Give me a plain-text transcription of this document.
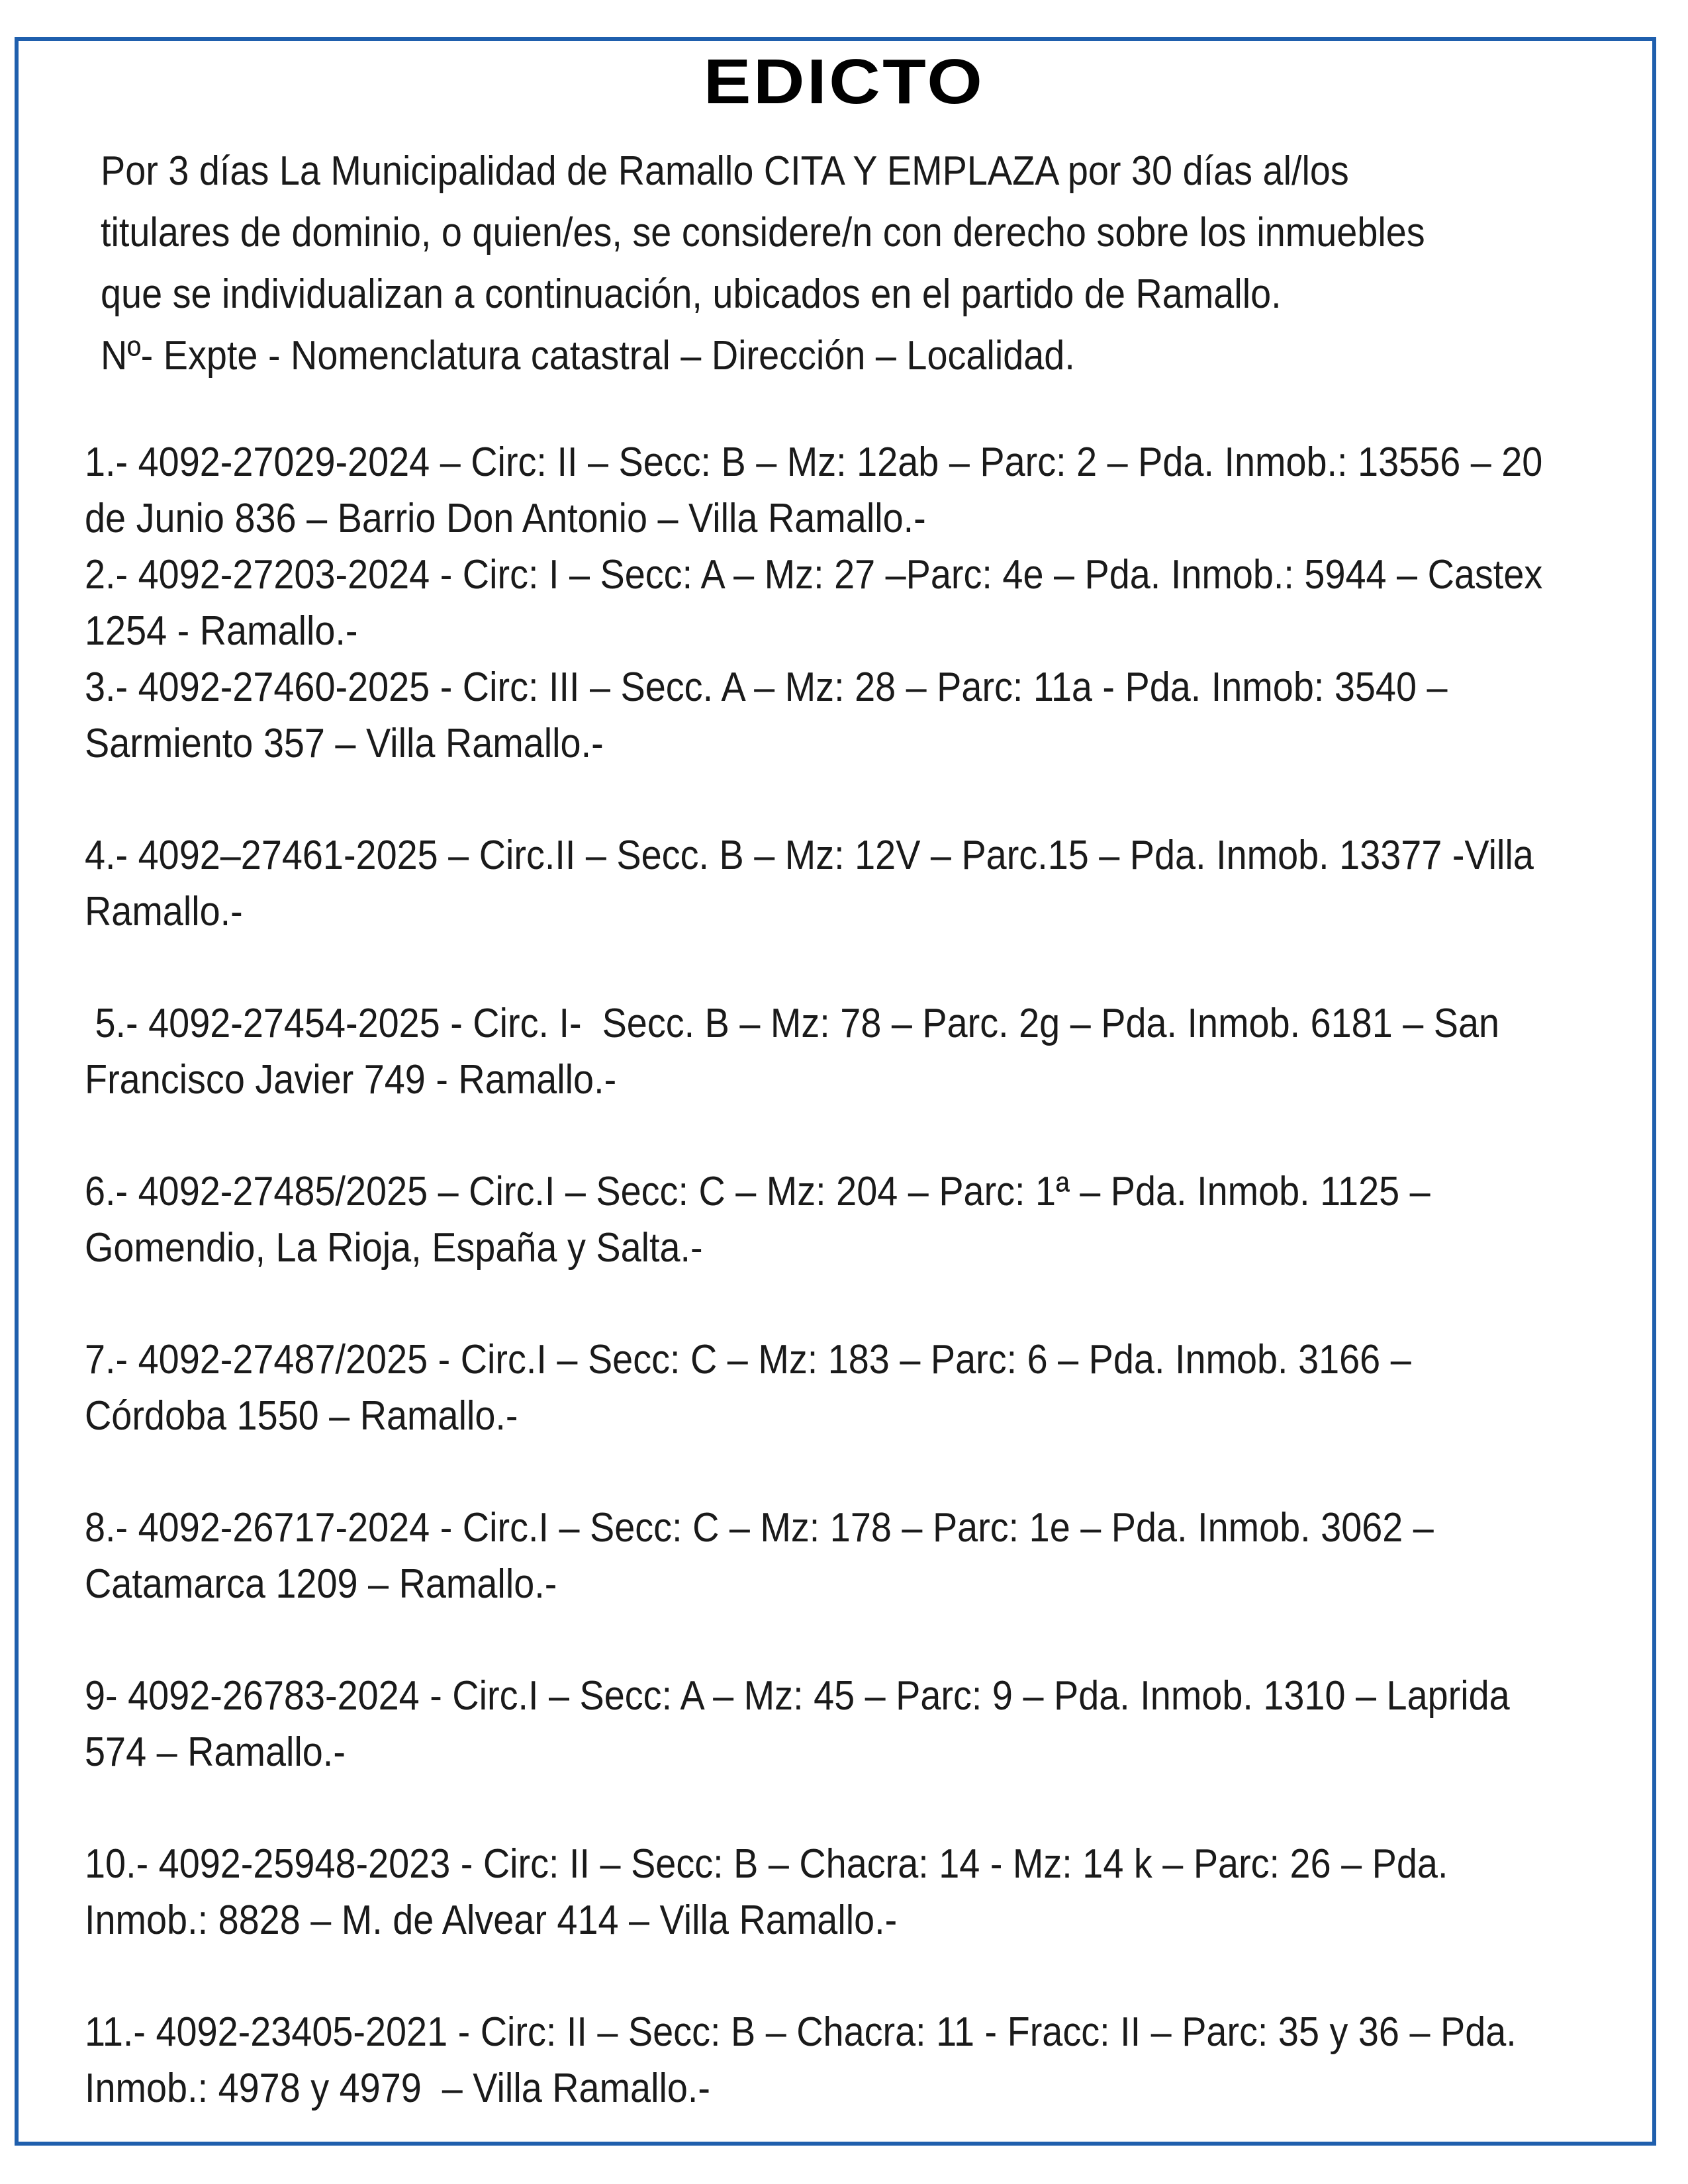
EDICTO
Por 3 días La Municipalidad de Ramallo CITA Y EMPLAZA por 30 días al/los
titulares de dominio, o quien/es, se considere/n con derecho sobre los inmuebles
que se individualizan a continuación, ubicados en el partido de Ramallo.
Nº- Expte - Nomenclatura catastral – Dirección – Localidad.
1.- 4092-27029-2024 – Circ: II – Secc: B – Mz: 12ab – Parc: 2 – Pda. Inmob.: 13556 – 20
de Junio 836 – Barrio Don Antonio – Villa Ramallo.-
2.- 4092-27203-2024 - Circ: I – Secc: A – Mz: 27 –Parc: 4e – Pda. Inmob.: 5944 – Castex
1254 - Ramallo.-
3.- 4092-27460-2025 - Circ: III – Secc. A – Mz: 28 – Parc: 11a - Pda. Inmob: 3540 –
Sarmiento 357 – Villa Ramallo.-
4.- 4092–27461-2025 – Circ.II – Secc. B – Mz: 12V – Parc.15 – Pda. Inmob. 13377 -Villa
Ramallo.-
5.- 4092-27454-2025 - Circ. I-  Secc. B – Mz: 78 – Parc. 2g – Pda. Inmob. 6181 – San
Francisco Javier 749 - Ramallo.-
6.- 4092-27485/2025 – Circ.I – Secc: C – Mz: 204 – Parc: 1ª – Pda. Inmob. 1125 –
Gomendio, La Rioja, España y Salta.-
7.- 4092-27487/2025 - Circ.I – Secc: C – Mz: 183 – Parc: 6 – Pda. Inmob. 3166 –
Córdoba 1550 – Ramallo.-
8.- 4092-26717-2024 - Circ.I – Secc: C – Mz: 178 – Parc: 1e – Pda. Inmob. 3062 –
Catamarca 1209 – Ramallo.-
9- 4092-26783-2024 - Circ.I – Secc: A – Mz: 45 – Parc: 9 – Pda. Inmob. 1310 – Laprida
574 – Ramallo.-
10.- 4092-25948-2023 - Circ: II – Secc: B – Chacra: 14 - Mz: 14 k – Parc: 26 – Pda.
Inmob.: 8828 – M. de Alvear 414 – Villa Ramallo.-
11.- 4092-23405-2021 - Circ: II – Secc: B – Chacra: 11 - Fracc: II – Parc: 35 y 36 – Pda.
Inmob.: 4978 y 4979  – Villa Ramallo.-
